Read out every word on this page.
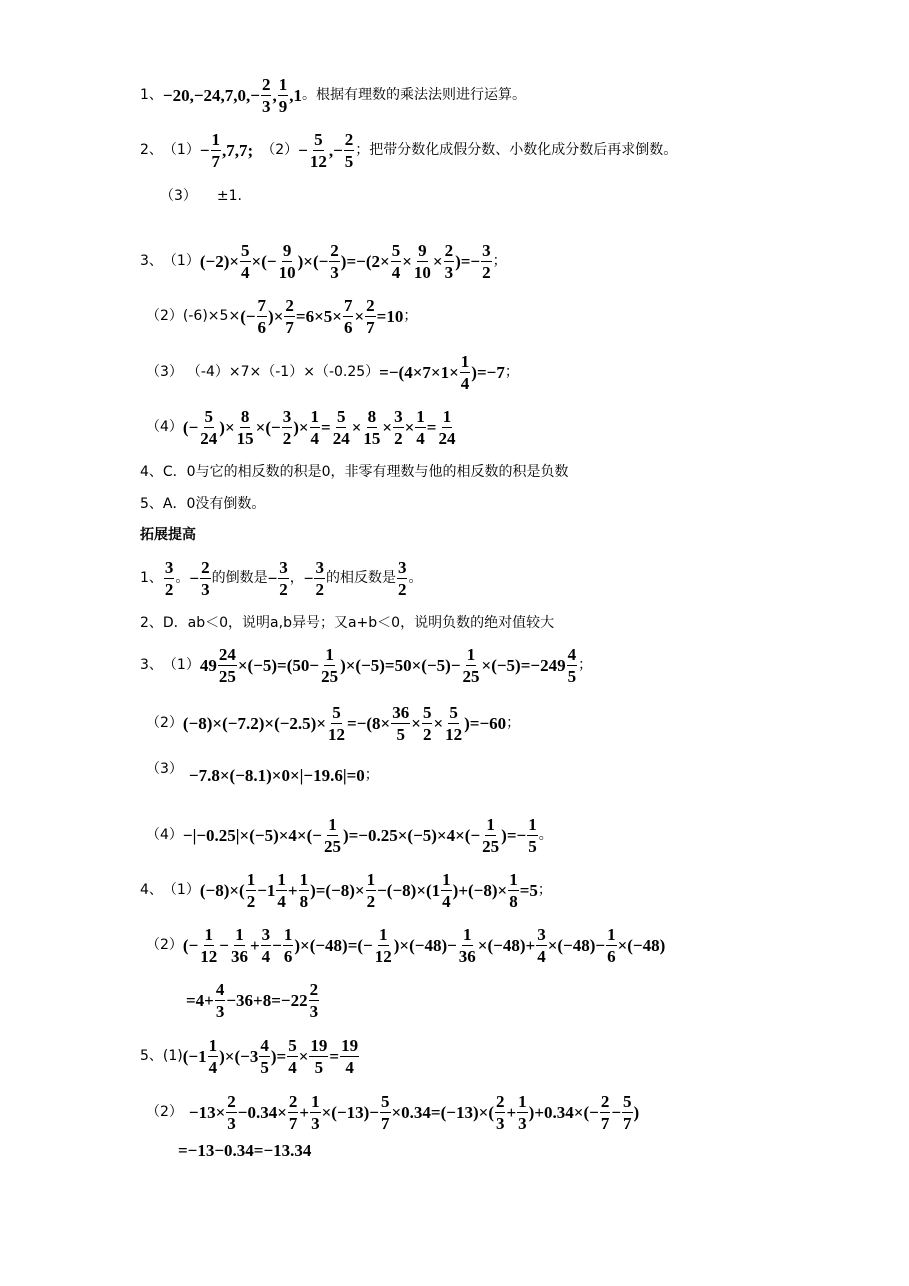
1、 $-20,-24,7,0,- \frac{2}{3}$ ,
1
9
,1 。根据有理数的乘法法则进行运算。
2、 $(1) - \frac{1}{7} ,7,7$; $(2) - \frac{5}{12}$ ,− $\frac{2}{5}$ ；把带分数化成假分数、小数化成分数后再求倒数。
（3） ±1.
3、 （1） $(-2)\times \frac{5}{4}$ ×(− $\frac{9}{10}$ )×(− $\frac{2}{3} )=-(2\times \frac{5}{4} \times \frac{9}{10} \times \frac{2}{3}$ )=− $\frac{3}{2}$ ；
（2） (-6)×5× (− $\frac{7}{6}$ )× $\frac{2}{7} =6\times 5\times \frac{7}{6} \times \frac{2}{7} =10$ ；
（3） $(-4)\times 7\times(-1)\times(-0.25) =-(4\times 7\times 1\times \frac{1}{4} )=-7$ ；
（4） (− $\frac{5}{24}$ )× $\frac{8}{15}$ ×(− $\frac{3}{2}$ )× $\frac{1}{4} = \frac{5}{24} \times \frac{8}{15} \times \frac{3}{2} \times \frac{1}{4} = \frac{1}{24}$
4、C．0与它的相反数的积是0，非零有理数与他的相反数的积是负数
5、A．0没有倒数。
拓展提高
1、
3
2
。 − $\frac{2}{3}$ 的倒数是 − $\frac{3}{2}$ ， − $\frac{3}{2}$ 的相反数是
3
2
。
2、D．ab＜0，说明a,b异号；又a+b＜0，说明负数的绝对值较大
3、 （1） $49 \frac{24}{25} \times(-5)=(50- \frac{1}{25} )\times(-5)=50\times(-5)- \frac{1}{25} \times(-5)=-249$
4
5
；
（2） $(-8)\times(-7.2)\times(-2.5)\times \frac{5}{12} =-(8\times \frac{36}{5} \times \frac{5}{2} \times \frac{5}{12} )=-60$ ；
（3） −7.8×(−8.1)×0×|−19.6|=0 ；
$(4) -|-0.25|\times(-5)\times 4\times(- \frac{1}{25} )=-0.25\times(-5)\times 4\times(- \frac{1}{25}$ )=− $\frac{1}{5}$ 。
4、 （1） (−8)×(
1
2
−1
1
4
+ $\frac{1}{8} )=(-8)\times \frac{1}{2} -(-8)\times(1$
1
4
)$+(-8)\times \frac{1}{8} =5$ ；
（2） (− $\frac{1}{12} - \frac{1}{36} + \frac{3}{4} - \frac{1}{6} )\times(-48)=(- \frac{1}{12} )\times(-48)- \frac{1}{36} \times(-48)+ \frac{3}{4} \times(-48)- \frac{1}{6} \times(-48)$
$=4+ \frac{4}{3} -36+8=-22$
2
3
5、 (1) (−1
1
4
)×(−3
4
5
)= $\frac{5}{4} \times \frac{19}{5} = \frac{19}{4}$
$(2) -13\times \frac{2}{3} -0.34\times \frac{2}{7} + \frac{1}{3} \times(-13)- \frac{5}{7} \times 0.34=(-13)\times$(
2
3
+ $\frac{1}{3} )+0.34\times(- \frac{2}{7} - \frac{5}{7}$ )
=−13−0.34=−13.34
